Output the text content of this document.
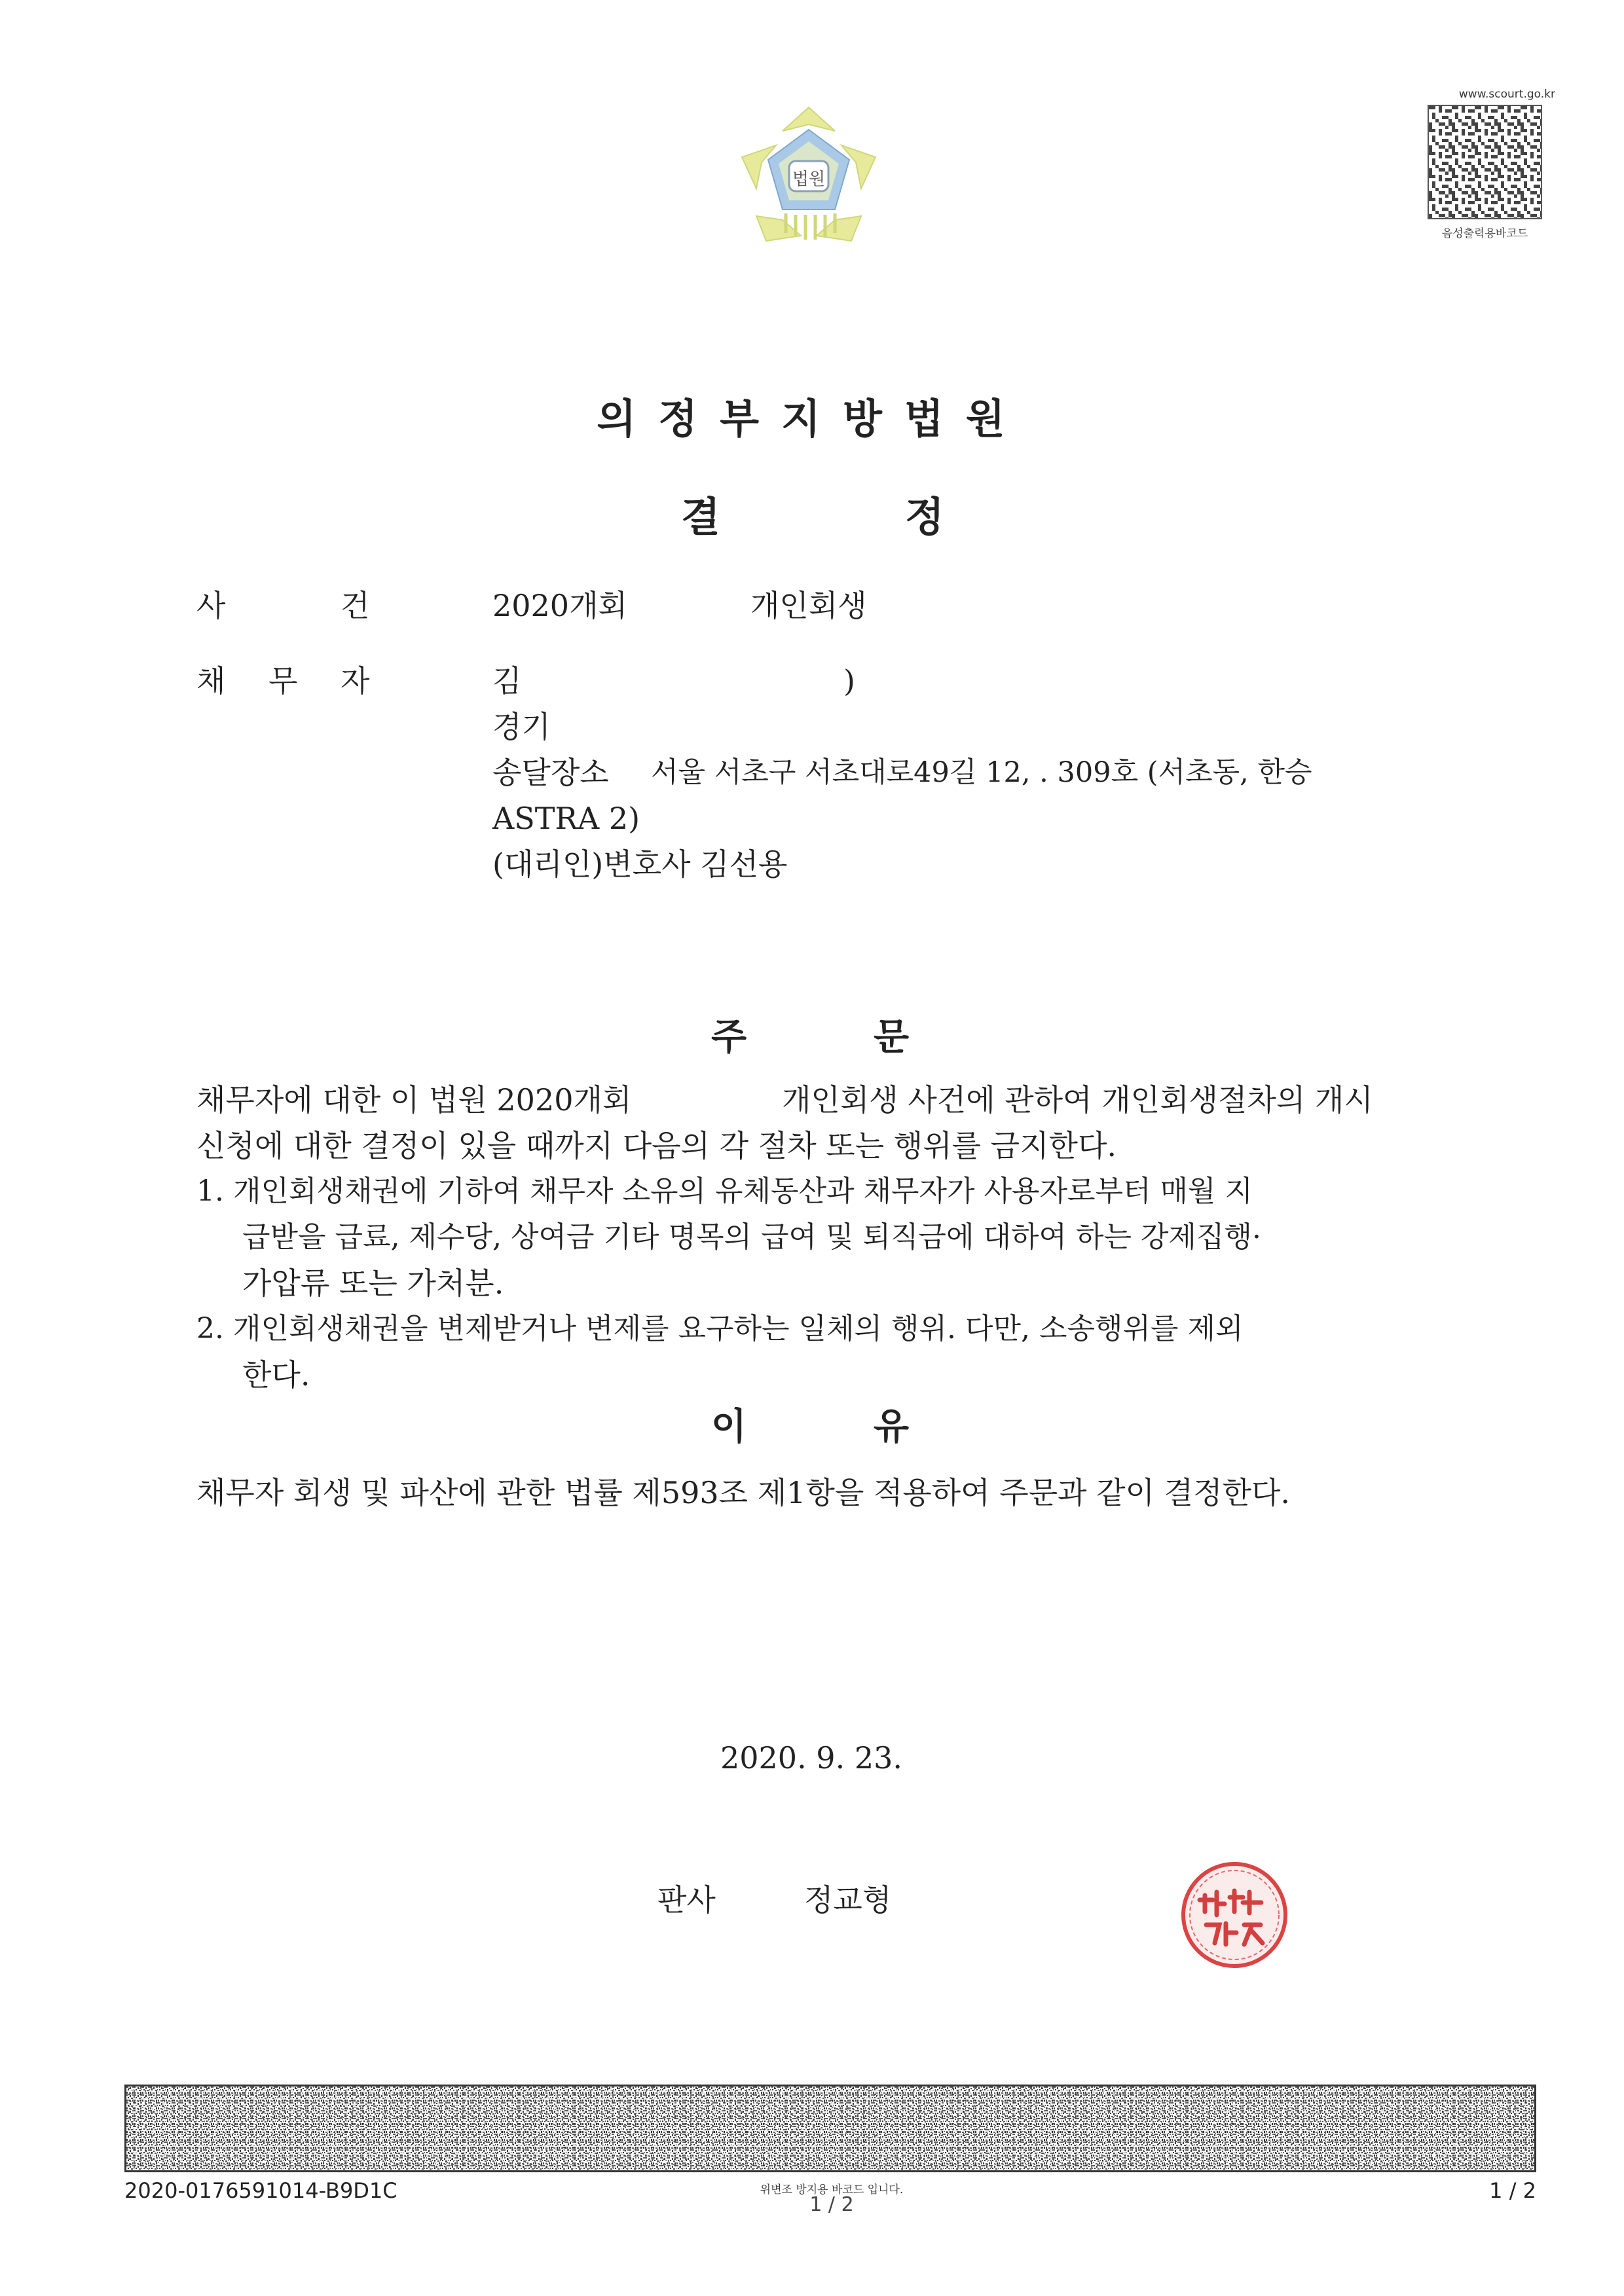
법원
www.scourt.go.kr
음성출력용바코드
의정부지방법원
결	정
사	건	2020개회	개인회생
채 무 자	김	)
경기
송달장소 서울 서초구 서초대로49길 12, . 309호 (서초동, 한승
ASTRA 2)
(대리인)변호사 김선용
주	문
채무자에 대한 이 법원 2020개회	개인회생 사건에 관하여 개인회생절차의 개시
신청에 대한 결정이 있을 때까지 다음의 각 절차 또는 행위를 금지한다.
1. 개인회생채권에 기하여 채무자 소유의 유체동산과 채무자가 사용자로부터 매월 지
급받을 급료, 제수당, 상여금 기타 명목의 급여 및 퇴직금에 대하여 하는 강제집행·
가압류 또는 가처분.
2. 개인회생채권을 변제받거나 변제를 요구하는 일체의 행위. 다만, 소송행위를 제외
한다.
이	유
채무자 회생 및 파산에 관한 법률 제593조 제1항을 적용하여 주문과 같이 결정한다.
2020. 9. 23.
판사	정교형
2020-0176591014-B9D1C	위변조 방지용 바코드 입니다.
1 / 2
1 / 2
